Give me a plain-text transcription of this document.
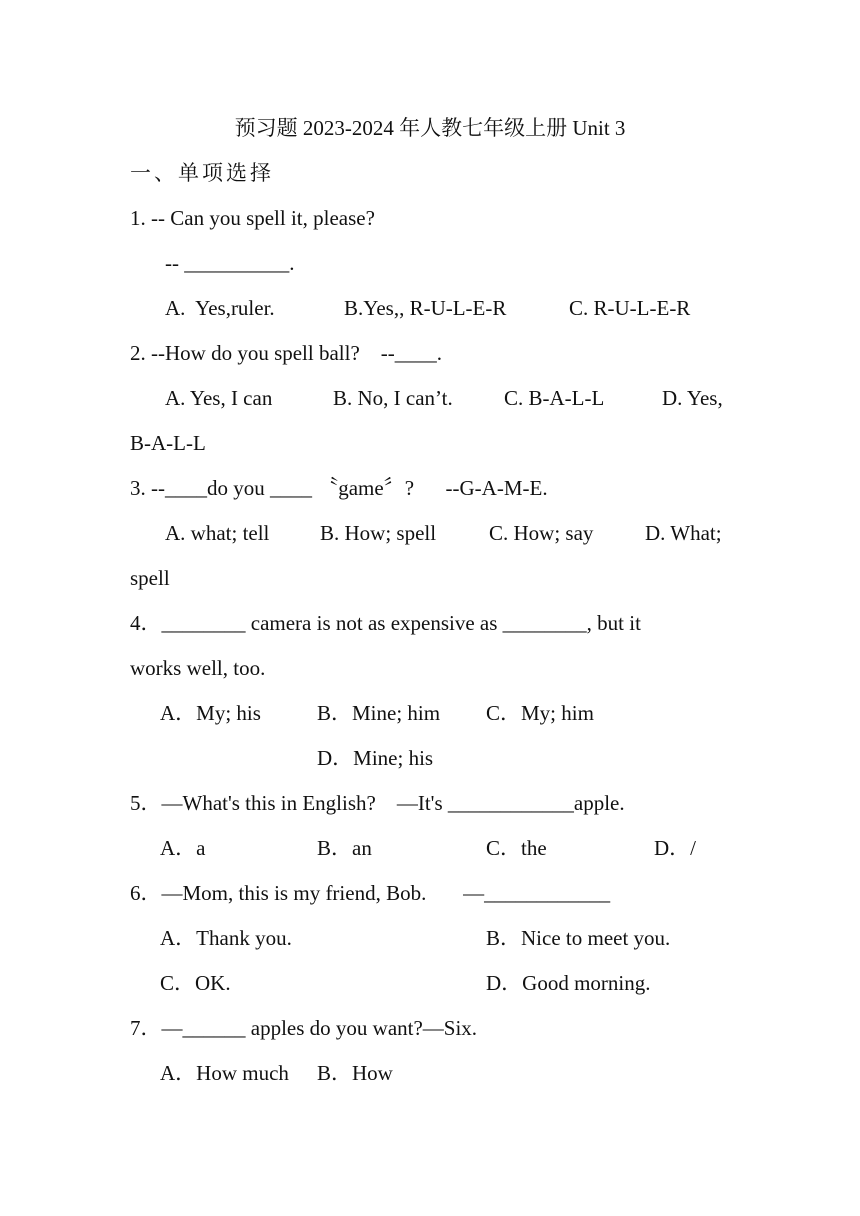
预习题 2023-2024 年人教七年级上册 Unit 3
一、单项选择
1. -- Can you spell it, please?
-- __________.
A.  Yes,ruler.	B.Yes,, R-U-L-E-R	C. R-U-L-E-R
2. --How do you spell ball?    --____.
A. Yes, I can	B. No, I can’t. C. B-A-L-L	D. Yes,
B-A-L-L
3. --____do you ____ 〝game〞?      --G-A-M-E.
A. what; tell B. How; spell	C. How; say D. What;
spell
4．________ camera is not as expensive as ________, but it
works well, too.
A．My; his	B．Mine; him C．My; him
D．Mine; his
5．—What's this in English?    —It's ____________apple.
A．a	B．an	C．the	D．/
6．—Mom, this is my friend, Bob.       —____________
A．Thank you.	B．Nice to meet you.
C．OK.	D．Good morning.
7．—______ apples do you want?—Six.
A．How much B．How
